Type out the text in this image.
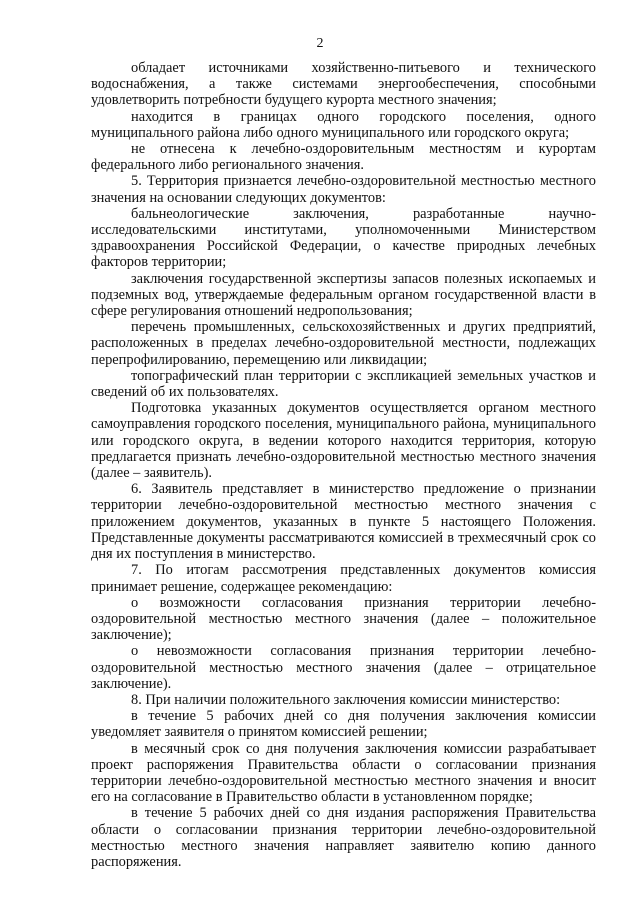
2

обладает источниками хозяйственно-питьевого и технического водоснабжения, а также системами энергообеспечения, способными удовлетворить потребности будущего курорта местного значения;

находится в границах одного городского поселения, одного муниципального района либо одного муниципального или городского округа;

не отнесена к лечебно-оздоровительным местностям и курортам федерального либо регионального значения.

5. Территория признается лечебно-оздоровительной местностью местного значения на основании следующих документов:

бальнеологические заключения, разработанные научно-исследовательскими институтами, уполномоченными Министерством здравоохранения Российской Федерации, о качестве природных лечебных факторов территории;

заключения государственной экспертизы запасов полезных ископаемых и подземных вод, утверждаемые федеральным органом государственной власти в сфере регулирования отношений недропользования;

перечень промышленных, сельскохозяйственных и других предприятий, расположенных в пределах лечебно-оздоровительной местности, подлежащих перепрофилированию, перемещению или ликвидации;

топографический план территории с экспликацией земельных участков и сведений об их пользователях.

Подготовка указанных документов осуществляется органом местного самоуправления городского поселения, муниципального района, муниципального или городского округа, в ведении которого находится территория, которую предлагается признать лечебно-оздоровительной местностью местного значения (далее – заявитель).

6. Заявитель представляет в министерство предложение о признании территории лечебно-оздоровительной местностью местного значения с приложением документов, указанных в пункте 5 настоящего Положения. Представленные документы рассматриваются комиссией в трехмесячный срок со дня их поступления в министерство.

7. По итогам рассмотрения представленных документов комиссия принимает решение, содержащее рекомендацию:

о возможности согласования признания территории лечебно-оздоровительной местностью местного значения (далее – положительное заключение);

о невозможности согласования признания территории лечебно-оздоровительной местностью местного значения (далее – отрицательное заключение).

8. При наличии положительного заключения комиссии министерство:

в течение 5 рабочих дней со дня получения заключения комиссии уведомляет заявителя о принятом комиссией решении;

в месячный срок со дня получения заключения комиссии разрабатывает проект распоряжения Правительства области о согласовании признания территории лечебно-оздоровительной местностью местного значения и вносит его на согласование в Правительство области в установленном порядке;

в течение 5 рабочих дней со дня издания распоряжения Правительства области о согласовании признания территории лечебно-оздоровительной местностью местного значения направляет заявителю копию данного распоряжения.
